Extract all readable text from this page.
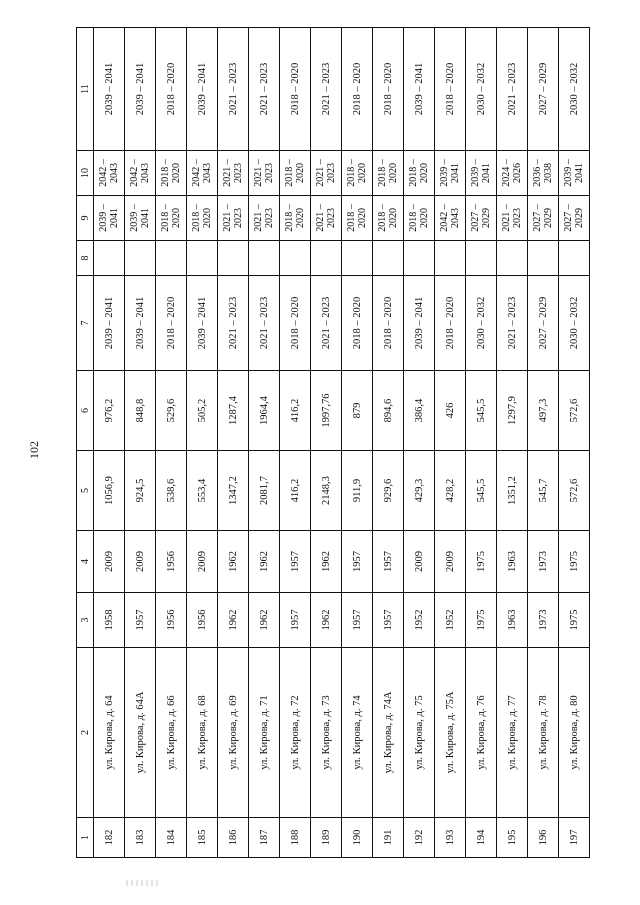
102
1	2	3	4	5	6	7	8	9	10	11
182	ул. Кирова, д. 64	1958	2009	1056,9	976,2	2039 – 2041		2039 – 2041	2042 – 2043	2039 – 2041
183	ул. Кирова, д. 64А	1957	2009	924,5	848,8	2039 – 2041		2039 – 2041	2042 – 2043	2039 – 2041
184	ул. Кирова, д. 66	1956	1956	538,6	529,6	2018 – 2020		2018 – 2020	2018 – 2020	2018 – 2020
185	ул. Кирова, д. 68	1956	2009	553,4	505,2	2039 – 2041		2018 – 2020	2042 – 2043	2039 – 2041
186	ул. Кирова, д. 69	1962	1962	1347,2	1287,4	2021 – 2023		2021 – 2023	2021 – 2023	2021 – 2023
187	ул. Кирова, д. 71	1962	1962	2081,7	1964,4	2021 – 2023		2021 – 2023	2021 – 2023	2021 – 2023
188	ул. Кирова, д. 72	1957	1957	416,2	416,2	2018 – 2020		2018 – 2020	2018 – 2020	2018 – 2020
189	ул. Кирова, д. 73	1962	1962	2148,3	1997,76	2021 – 2023		2021 – 2023	2021 – 2023	2021 – 2023
190	ул. Кирова, д. 74	1957	1957	911,9	879	2018 – 2020		2018 – 2020	2018 – 2020	2018 – 2020
191	ул. Кирова, д. 74А	1957	1957	929,6	894,6	2018 – 2020		2018 – 2020	2018 – 2020	2018 – 2020
192	ул. Кирова, д. 75	1952	2009	429,3	386,4	2039 – 2041		2018 – 2020	2018 – 2020	2039 – 2041
193	ул. Кирова, д. 75А	1952	2009	428,2	426	2018 – 2020		2042 – 2043	2039 – 2041	2018 – 2020
194	ул. Кирова, д. 76	1975	1975	545,5	545,5	2030 – 2032		2027 – 2029	2039 – 2041	2030 – 2032
195	ул. Кирова, д. 77	1963	1963	1351,2	1297,9	2021 – 2023		2021 – 2023	2024 – 2026	2021 – 2023
196	ул. Кирова, д. 78	1973	1973	545,7	497,3	2027 – 2029		2027 – 2029	2036 – 2038	2027 – 2029
197	ул. Кирова, д. 80	1975	1975	572,6	572,6	2030 – 2032		2027 – 2029	2039 – 2041	2030 – 2032
